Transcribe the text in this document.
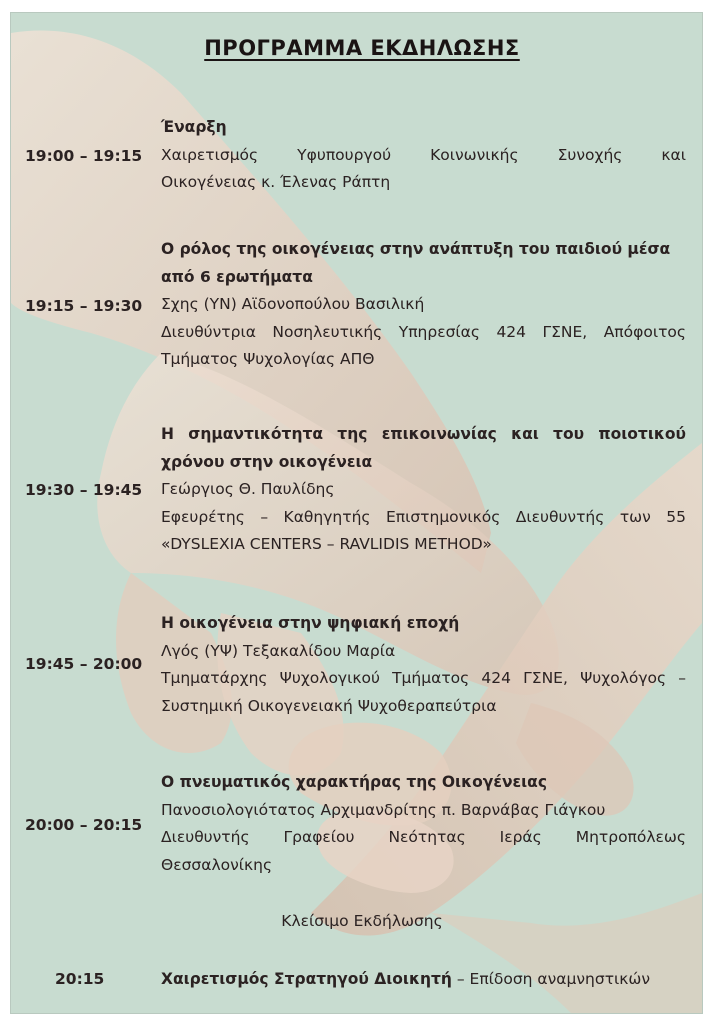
ΠΡΟΓΡΑΜΜΑ ΕΚΔΗΛΩΣΗΣ
Έναρξη
Χαιρετισμός Υφυπουργού Κοινωνικής Συνοχής και
Οικογένειας κ. Έλενας Ράπτη
19:00 – 19:15
Ο ρόλος της οικογένειας στην ανάπτυξη του παιδιού μέσα
από 6 ερωτήματα
Σχης (ΥΝ) Αϊδονοπούλου Βασιλική
Διευθύντρια Νοσηλευτικής Υπηρεσίας 424 ΓΣΝΕ, Απόφοιτος
Τμήματος Ψυχολογίας ΑΠΘ
19:15 – 19:30
Η σημαντικότητα της επικοινωνίας και του ποιοτικού
χρόνου στην οικογένεια
Γεώργιος Θ. Παυλίδης
Εφευρέτης – Καθηγητής Επιστημονικός Διευθυντής των 55
«DYSLEXIA CENTERS – RAVLIDIS METHOD»
19:30 – 19:45
Η οικογένεια στην ψηφιακή εποχή
Λγός (ΥΨ) Τεξακαλίδου Μαρία
Τμηματάρχης Ψυχολογικού Τμήματος 424 ΓΣΝΕ, Ψυχολόγος –
Συστημική Οικογενειακή Ψυχοθεραπεύτρια
19:45 – 20:00
Ο πνευματικός χαρακτήρας της Οικογένειας
Πανοσιολογιότατος Αρχιμανδρίτης π. Βαρνάβας Γιάγκου
Διευθυντής Γραφείου Νεότητας Ιεράς Μητροπόλεως
Θεσσαλονίκης
20:00 – 20:15
Κλείσιμο Εκδήλωσης
20:15	Χαιρετισμός Στρατηγού Διοικητή – Επίδοση αναμνηστικών
